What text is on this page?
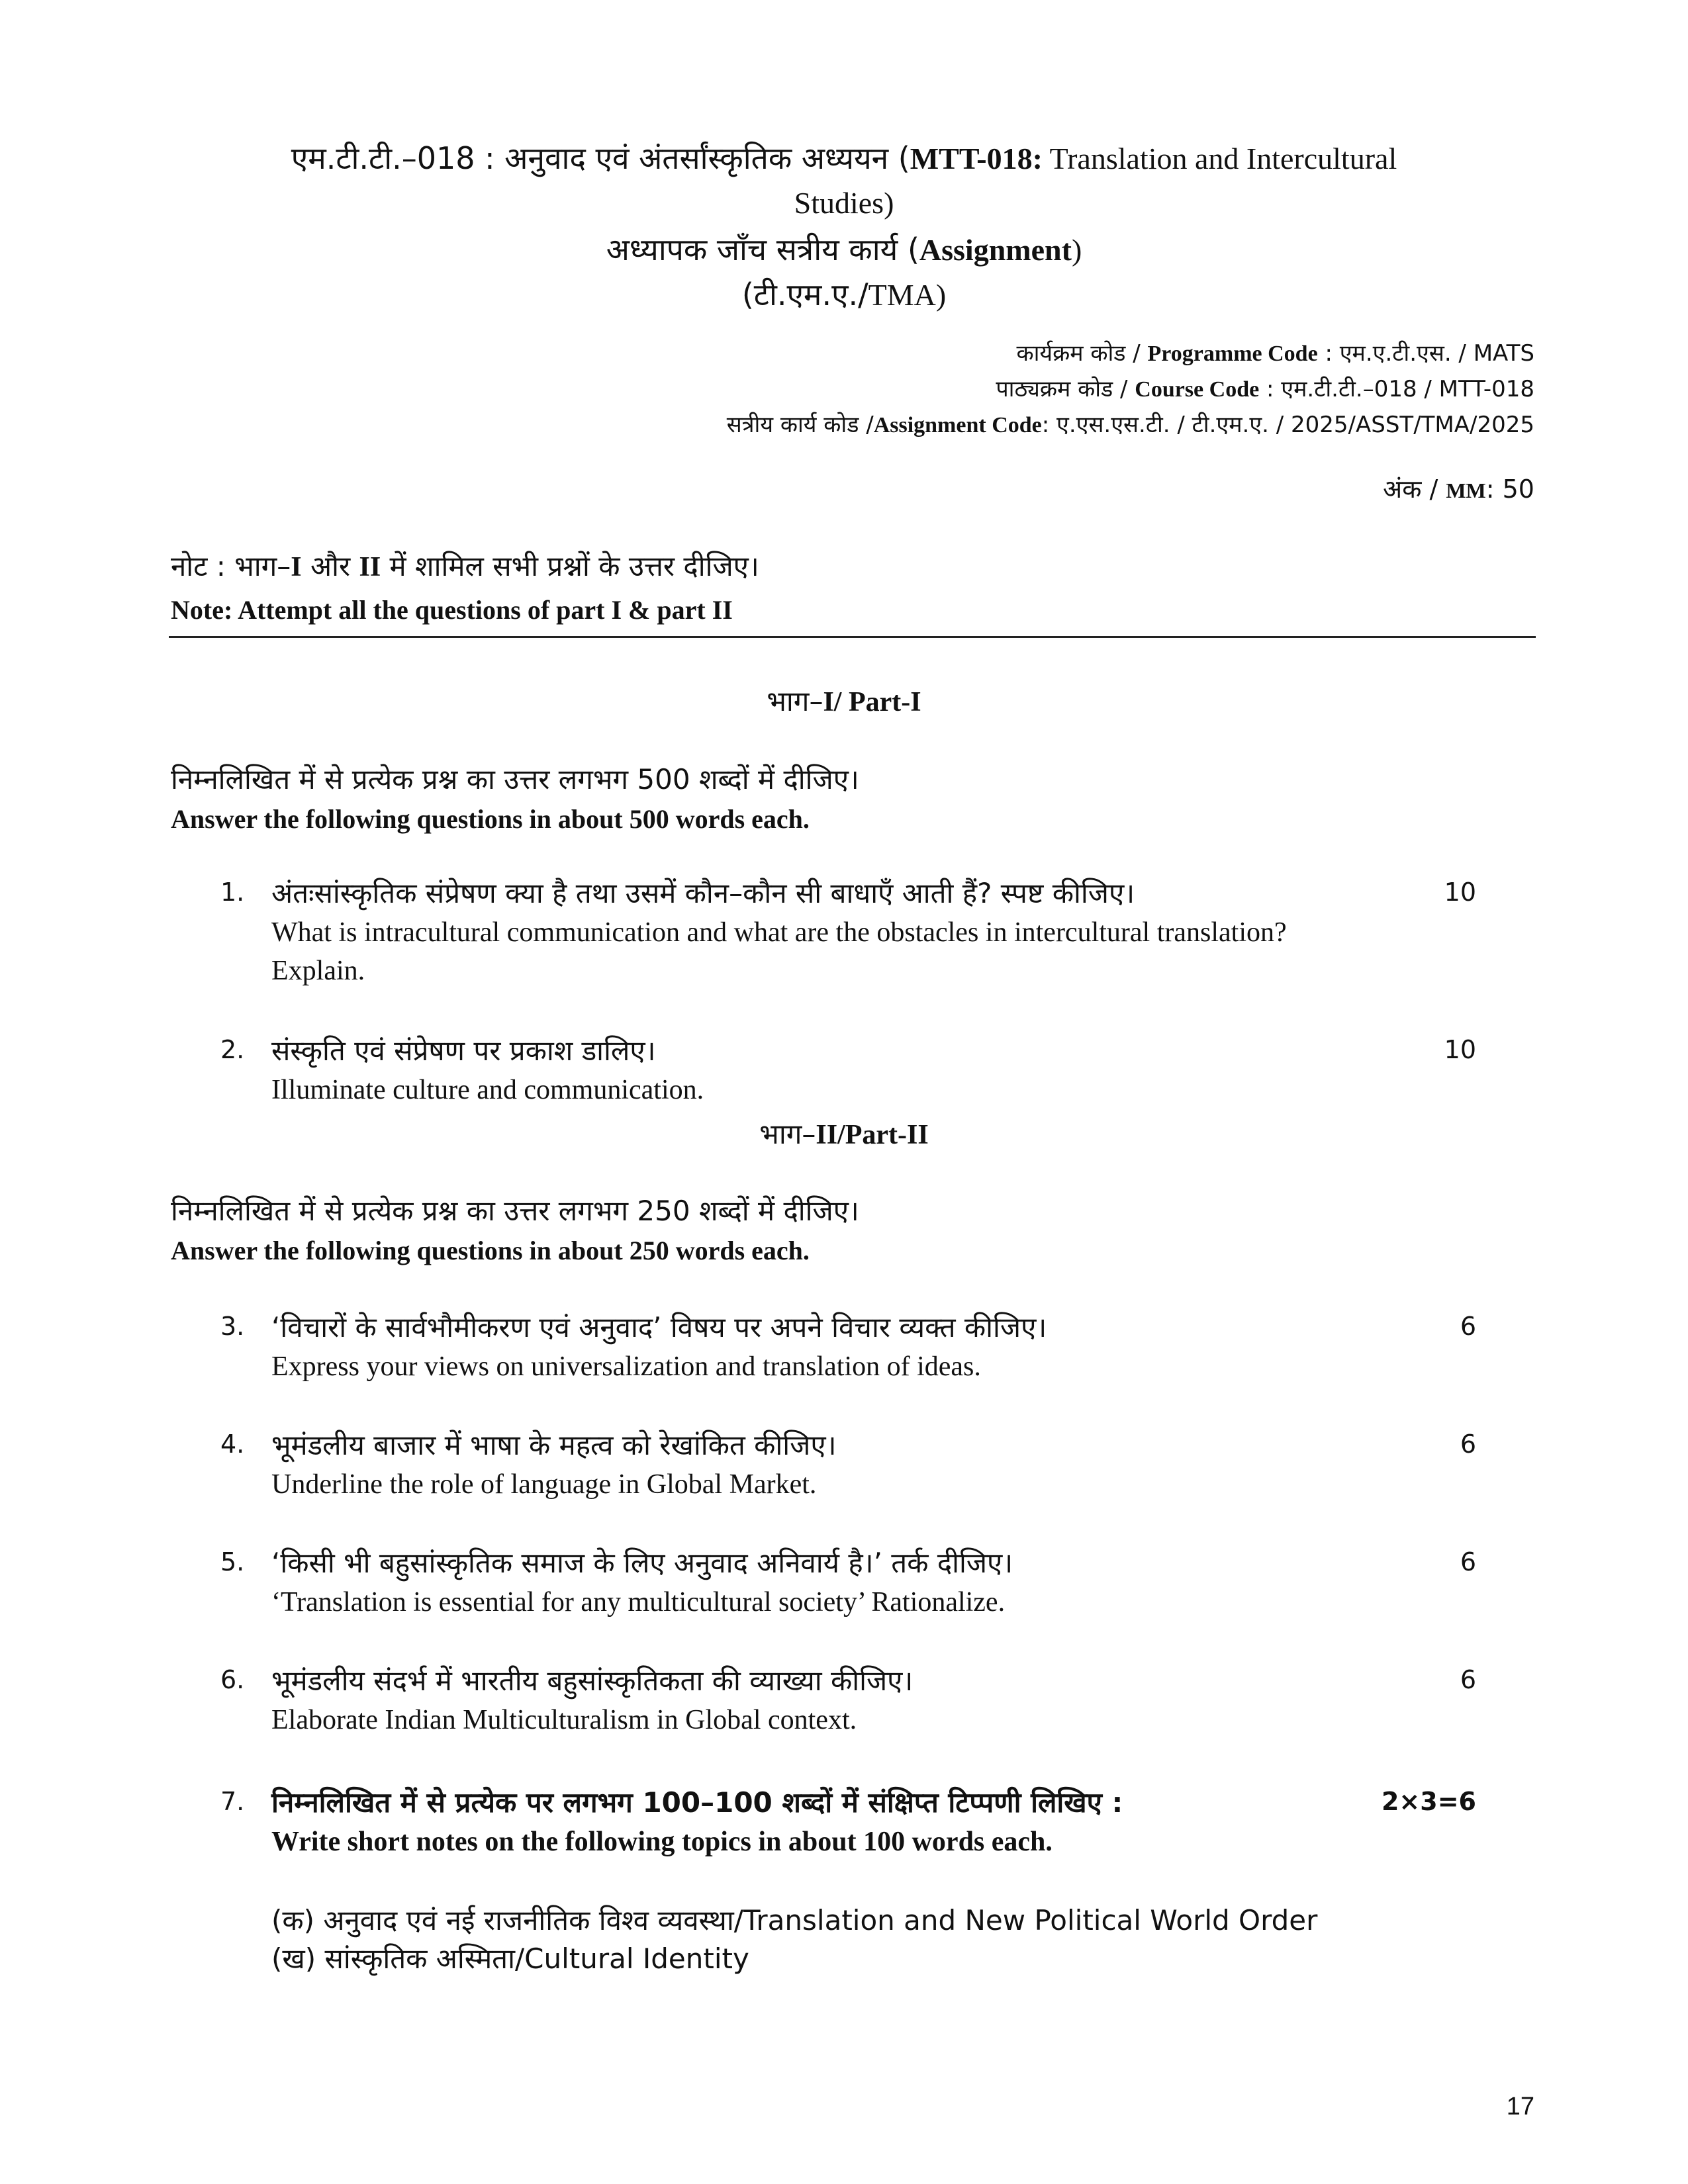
एम.टी.टी.–018 : अनुवाद एवं अंतर्सांस्कृतिक अध्ययन (MTT-018: Translation and Intercultural
Studies)
अध्यापक जाँच सत्रीय कार्य (Assignment)
(टी.एम.ए./TMA)
कार्यक्रम कोड / Programme Code : एम.ए.टी.एस. / MATS
पाठ्यक्रम कोड / Course Code : एम.टी.टी.–018 / MTT-018
सत्रीय कार्य कोड /Assignment Code: ए.एस.एस.टी. / टी.एम.ए. / 2025/ASST/TMA/2025
अंक / MM: 50
नोट : भाग–I और II में शामिल सभी प्रश्नों के उत्तर दीजिए।
Note: Attempt all the questions of part I & part II
भाग–I/ Part-I
निम्नलिखित में से प्रत्येक प्रश्न का उत्तर लगभग 500 शब्दों में दीजिए।
Answer the following questions in about 500 words each.
1. अंतःसांस्कृतिक संप्रेषण क्या है तथा उसमें कौन–कौन सी बाधाएँ आती हैं? स्पष्ट कीजिए।
What is intracultural communication and what are the obstacles in intercultural translation? Explain.
10
2. संस्कृति एवं संप्रेषण पर प्रकाश डालिए।
Illuminate culture and communication.
10
भाग–II/Part-II
निम्नलिखित में से प्रत्येक प्रश्न का उत्तर लगभग 250 शब्दों में दीजिए।
Answer the following questions in about 250 words each.
3. ‘विचारों के सार्वभौमीकरण एवं अनुवाद’ विषय पर अपने विचार व्यक्त कीजिए।
Express your views on universalization and translation of ideas.
6
4. भूमंडलीय बाजार में भाषा के महत्व को रेखांकित कीजिए।
Underline the role of language in Global Market.
6
5. ‘किसी भी बहुसांस्कृतिक समाज के लिए अनुवाद अनिवार्य है।’ तर्क दीजिए।
‘Translation is essential for any multicultural society’ Rationalize.
6
6. भूमंडलीय संदर्भ में भारतीय बहुसांस्कृतिकता की व्याख्या कीजिए।
Elaborate Indian Multiculturalism in Global context.
6
7. निम्नलिखित में से प्रत्येक पर लगभग 100–100 शब्दों में संक्षिप्त टिप्पणी लिखिए :
Write short notes on the following topics in about 100 words each.
2×3=6
(क) अनुवाद एवं नई राजनीतिक विश्व व्यवस्था/Translation and New Political World Order
(ख) सांस्कृतिक अस्मिता/Cultural Identity
17
